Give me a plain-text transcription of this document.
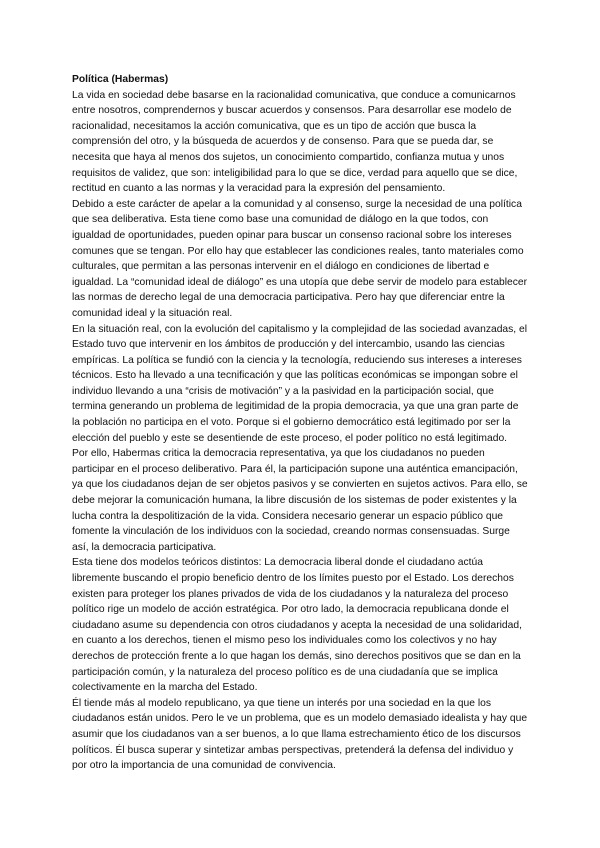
Política (Habermas)

La vida en sociedad debe basarse en la racionalidad comunicativa, que conduce a comunicarnos entre nosotros, comprendernos y buscar acuerdos y consensos. Para desarrollar ese modelo de racionalidad, necesitamos la acción comunicativa, que es un tipo de acción que busca la comprensión del otro, y la búsqueda de acuerdos y de consenso. Para que se pueda dar, se necesita que haya al menos dos sujetos, un conocimiento compartido, confianza mutua y unos requisitos de validez, que son: inteligibilidad para lo que se dice, verdad para aquello que se dice, rectitud en cuanto a las normas y la veracidad para la expresión del pensamiento.

Debido a este carácter de apelar a la comunidad y al consenso, surge la necesidad de una política que sea deliberativa. Esta tiene como base una comunidad de diálogo en la que todos, con igualdad de oportunidades, pueden opinar para buscar un consenso racional sobre los intereses comunes que se tengan. Por ello hay que establecer las condiciones reales, tanto materiales como culturales, que permitan a las personas intervenir en el diálogo en condiciones de libertad e igualdad. La “comunidad ideal de diálogo” es una utopía que debe servir de modelo para establecer las normas de derecho legal de una democracia participativa. Pero hay que diferenciar entre la comunidad ideal y la situación real.

En la situación real, con la evolución del capitalismo y la complejidad de las sociedad avanzadas, el Estado tuvo que intervenir en los ámbitos de producción y del intercambio, usando las ciencias empíricas. La política se fundió con la ciencia y la tecnología, reduciendo sus intereses a intereses técnicos. Esto ha llevado a una tecnificación y que las políticas económicas se impongan sobre el individuo llevando a una “crisis de motivación” y a la pasividad en la participación social, que termina generando un problema de legitimidad de la propia democracia, ya que una gran parte de la población no participa en el voto. Porque si el gobierno democrático está legitimado por ser la elección del pueblo y este se desentiende de este proceso, el poder político no está legitimado.

Por ello, Habermas critica la democracia representativa, ya que los ciudadanos no pueden participar en el proceso deliberativo. Para él, la participación supone una auténtica emancipación, ya que los ciudadanos dejan de ser objetos pasivos y se convierten en sujetos activos. Para ello, se debe mejorar la comunicación humana, la libre discusión de los sistemas de poder existentes y la lucha contra la despolitización de la vida. Considera necesario generar un espacio público que fomente la vinculación de los individuos con la sociedad, creando normas consensuadas. Surge así, la democracia participativa.

Esta tiene dos modelos teóricos distintos: La democracia liberal donde el ciudadano actúa libremente buscando el propio beneficio dentro de los límites puesto por el Estado. Los derechos existen para proteger los planes privados de vida de los ciudadanos y la naturaleza del proceso político rige un modelo de acción estratégica. Por otro lado, la democracia republicana donde el ciudadano asume su dependencia con otros ciudadanos y acepta la necesidad de una solidaridad, en cuanto a los derechos, tienen el mismo peso los individuales como los colectivos y no hay derechos de protección frente a lo que hagan los demás, sino derechos positivos que se dan en la participación común, y la naturaleza del proceso político es de una ciudadanía que se implica colectivamente en la marcha del Estado.

Él tiende más al modelo republicano, ya que tiene un interés por una sociedad en la que los ciudadanos están unidos. Pero le ve un problema, que es un modelo demasiado idealista y hay que asumir que los ciudadanos van a ser buenos, a lo que llama estrechamiento ético de los discursos políticos. Él busca superar y sintetizar ambas perspectivas, pretenderá la defensa del individuo y por otro la importancia de una comunidad de convivencia.
